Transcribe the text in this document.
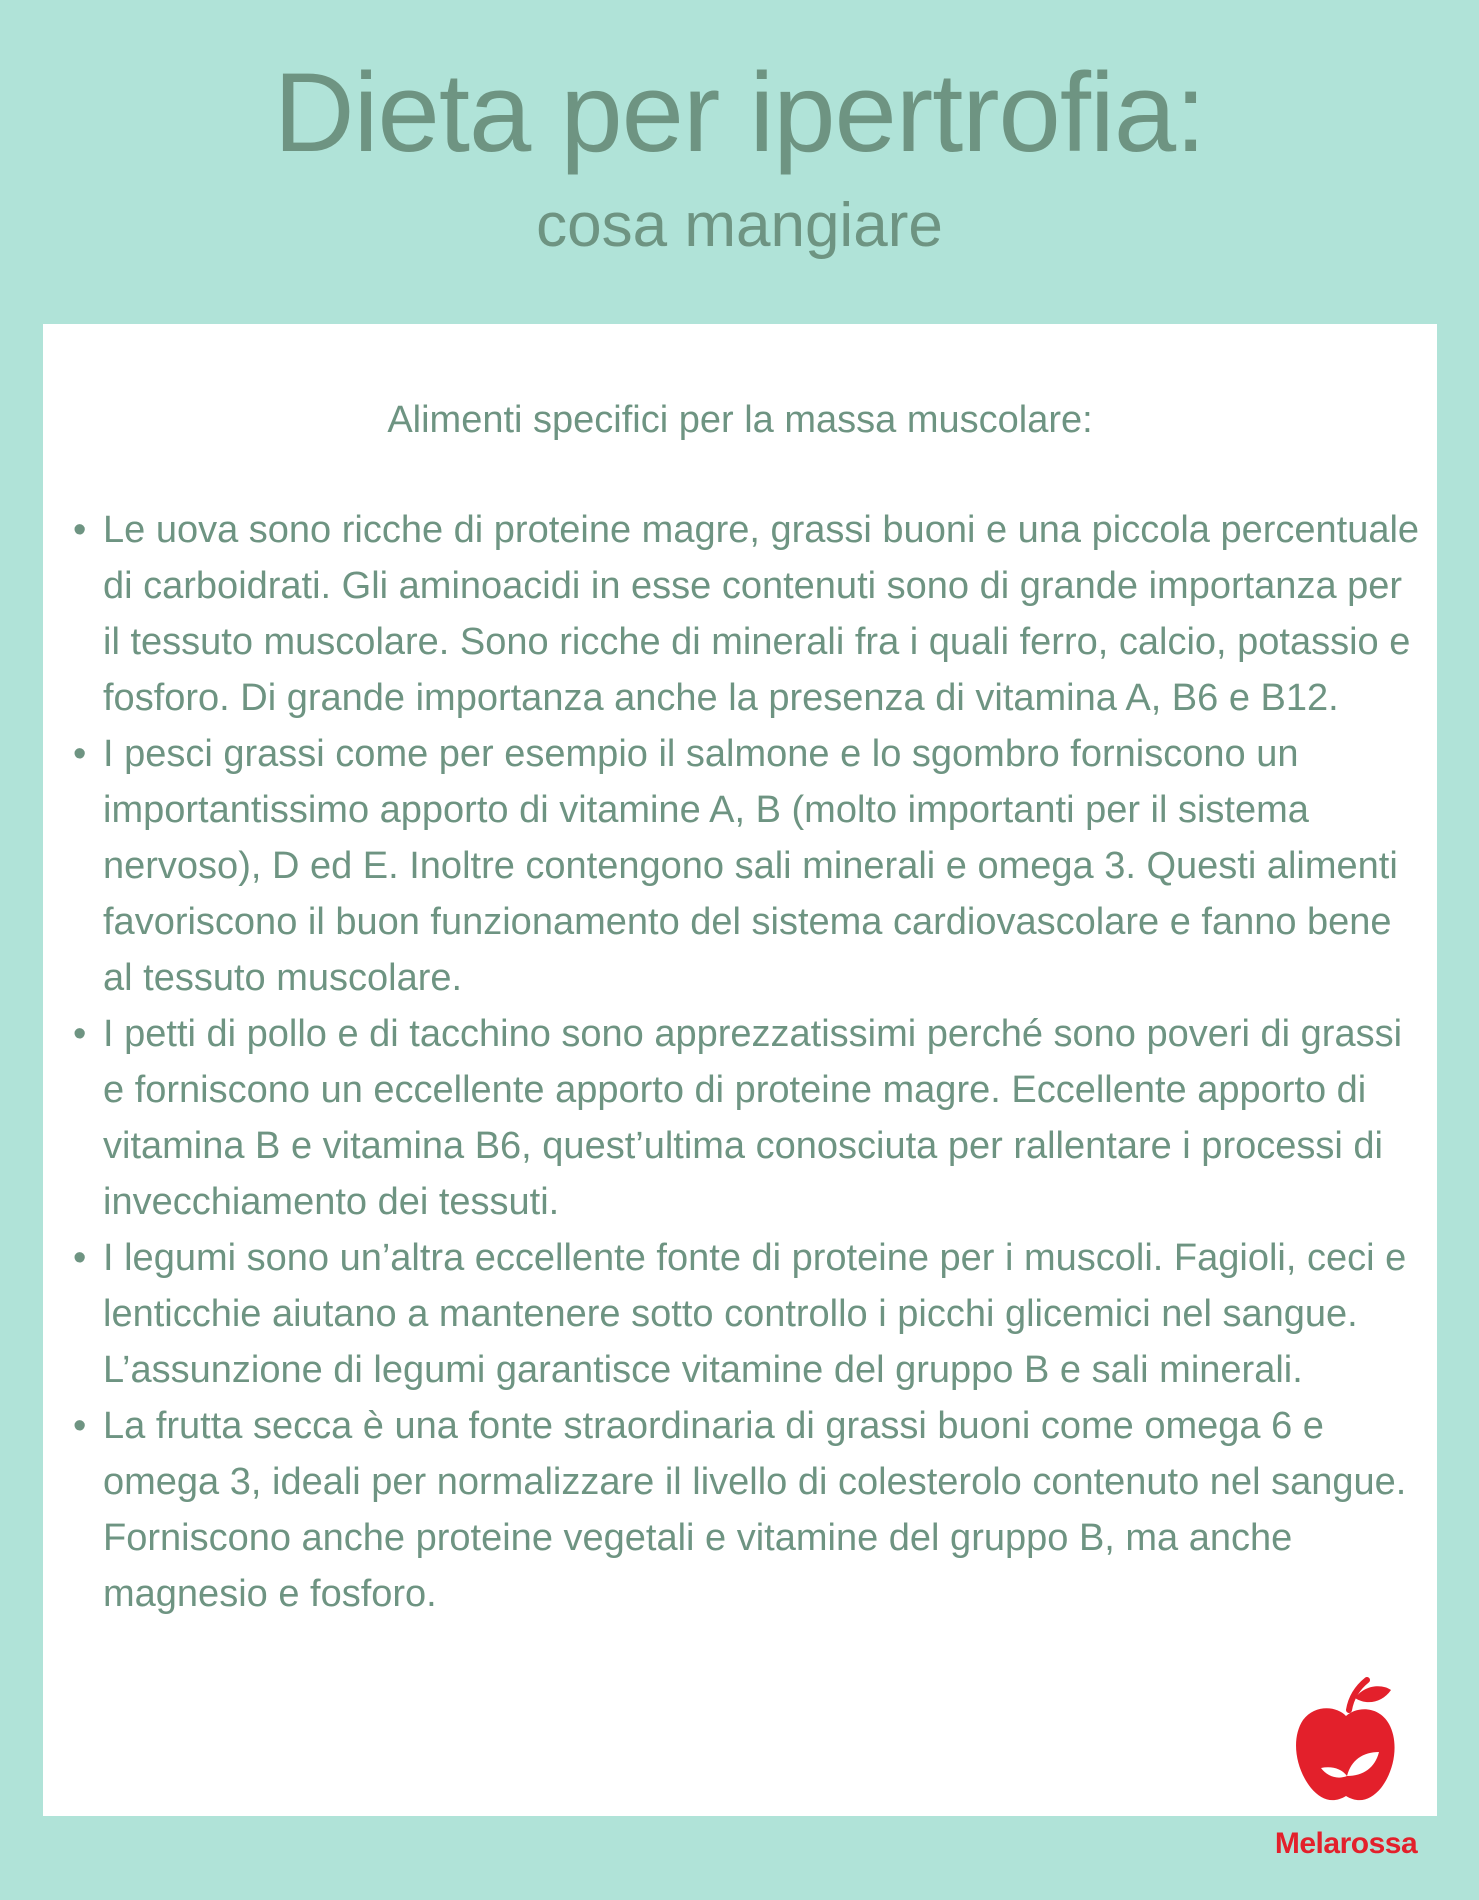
Dieta per ipertrofia:
cosa mangiare
Alimenti specifici per la massa muscolare:
• Le uova sono ricche di proteine magre, grassi buoni e una piccola percentuale di carboidrati. Gli aminoacidi in esse contenuti sono di grande importanza per il tessuto muscolare. Sono ricche di minerali fra i quali ferro, calcio, potassio e fosforo. Di grande importanza anche la presenza di vitamina A, B6 e B12.
• I pesci grassi come per esempio il salmone e lo sgombro forniscono un importantissimo apporto di vitamine A, B (molto importanti per il sistema nervoso), D ed E. Inoltre contengono sali minerali e omega 3. Questi alimenti favoriscono il buon funzionamento del sistema cardiovascolare e fanno bene al tessuto muscolare.
• I petti di pollo e di tacchino sono apprezzatissimi perché sono poveri di grassi e forniscono un eccellente apporto di proteine magre. Eccellente apporto di vitamina B e vitamina B6, quest’ultima conosciuta per rallentare i processi di invecchiamento dei tessuti.
• I legumi sono un’altra eccellente fonte di proteine per i muscoli. Fagioli, ceci e lenticchie aiutano a mantenere sotto controllo i picchi glicemici nel sangue. L’assunzione di legumi garantisce vitamine del gruppo B e sali minerali.
• La frutta secca è una fonte straordinaria di grassi buoni come omega 6 e omega 3, ideali per normalizzare il livello di colesterolo contenuto nel sangue. Forniscono anche proteine vegetali e vitamine del gruppo B, ma anche magnesio e fosforo.
Melarossa
